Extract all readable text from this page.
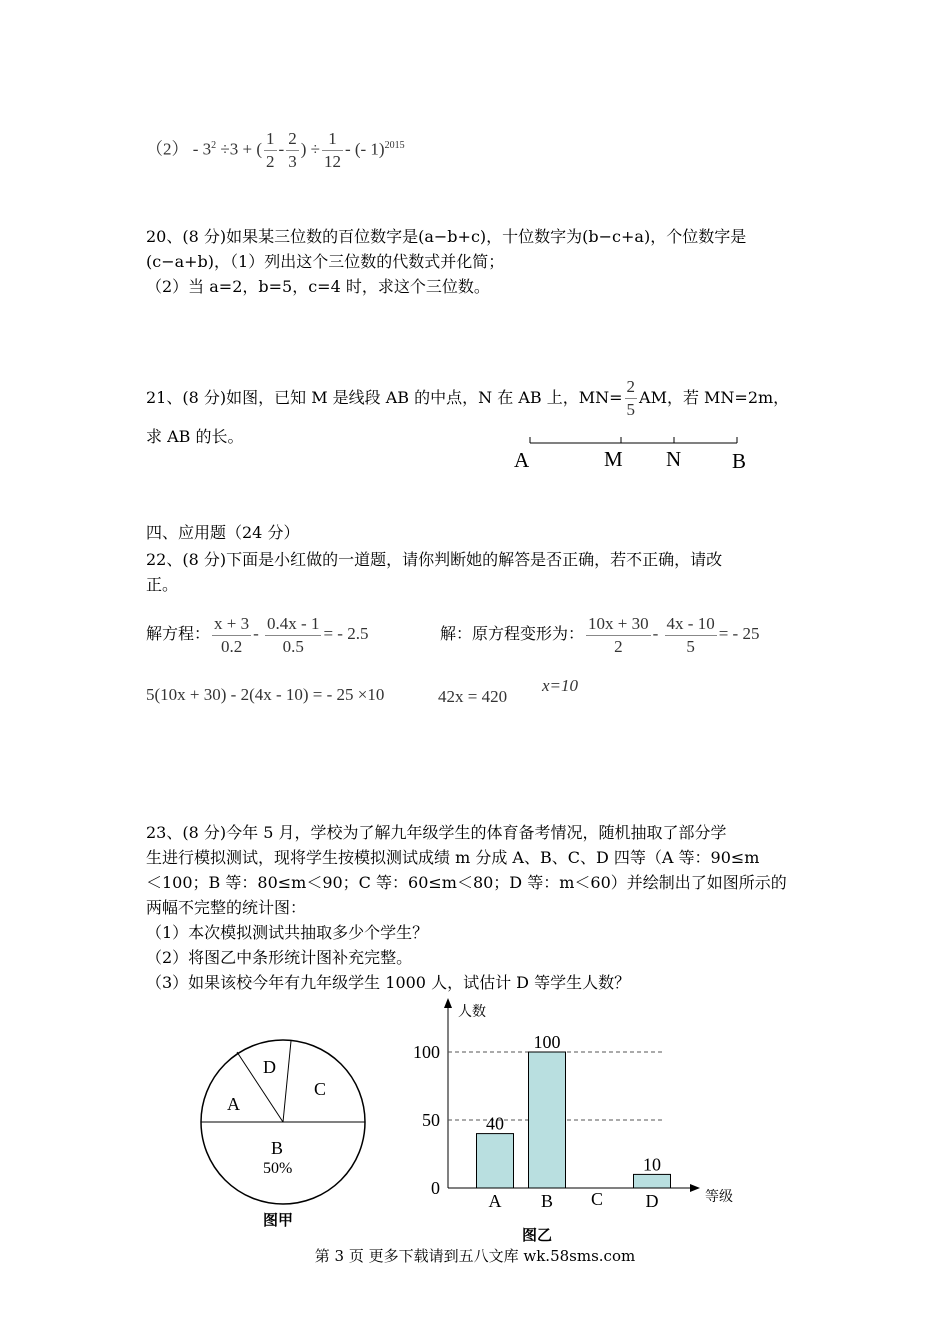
$(2) - 3^2 \div 3$ + ( $\frac{1}{2} - \frac{2}{3}$ ) ÷ $\frac{1}{12}$ - (- 1)$^{2015}$
20、(8 分)如果某三位数的百位数字是(a−b+c)，十位数字为(b−c+a)，个位数字是
(c−a+b)，（1）列出这个三位数的代数式并化简；
（2）当 a=2，b=5，c=4 时，求这个三位数。
21、(8 分)如图，已知 M 是线段 AB 的中点，N 在 AB 上，$MN= \frac{2}{5}$ AM，若 MN=2m，
求 AB 的长。
A	M N B
四、应用题（24 分）
22、(8 分)下面是小红做的一道题，请你判断她的解答是否正确，若不正确，请改
正。
解方程： $\frac{x + 3}{0.2} - \frac{0.4x - 1}{0.5}$ = - 2.5	解：原方程变形为： $\frac{10x + 30}{2} - \frac{4x - 10}{5}$ = - 25
5(10x + 30) - 2(4x - 10) = - 25 ×10	42x = 420
x=10
23、(8 分)今年 5 月，学校为了解九年级学生的体育备考情况，随机抽取了部分学
生进行模拟测试，现将学生按模拟测试成绩 m 分成 A、B、C、D 四等（A 等：90≤m
＜100；B 等：80≤m＜90；C 等：60≤m＜80；D 等：m＜60）并绘制出了如图所示的
两幅不完整的统计图：
（1）本次模拟测试共抽取多少个学生？
（2）将图乙中条形统计图补充完整。
（3）如果该校今年有九年级学生 1000 人，试估计 D 等学生人数？
A
D
C
B
50%
图甲
人数
等级
图乙
0
50
100
40
A
100
B C
10
D
第 3 页 更多下载请到五八文库 wk.58sms.com
